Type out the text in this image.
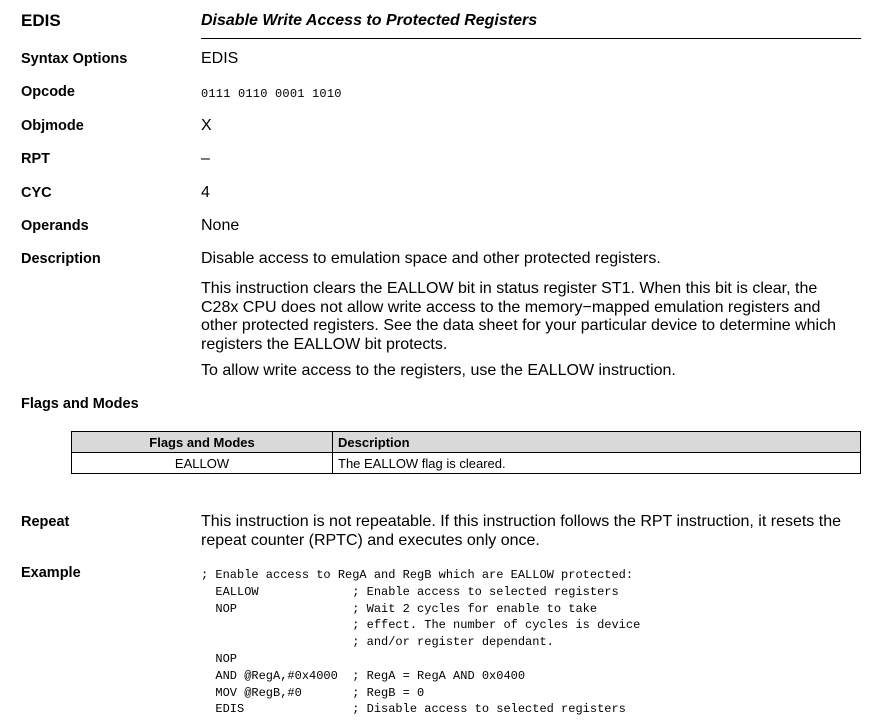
EDIS	Disable Write Access to Protected Registers
Syntax Options	EDIS
Opcode	0111 0110 0001 1010
Objmode	X
RPT	–
CYC	4
Operands	None
Description	Disable access to emulation space and other protected registers.
This instruction clears the EALLOW bit in status register ST1. When this bit is clear, the C28x CPU does not allow write access to the memory−mapped emulation registers and other protected registers. See the data sheet for your particular device to determine which registers the EALLOW bit protects.
To allow write access to the registers, use the EALLOW instruction.
Flags and Modes
Flags and Modes	Description
EALLOW	The EALLOW flag is cleared.
Repeat	This instruction is not repeatable. If this instruction follows the RPT instruction, it resets the repeat counter (RPTC) and executes only once.
Example	; Enable access to RegA and RegB which are EALLOW protected:
EALLOW             ; Enable access to selected registers
NOP                ; Wait 2 cycles for enable to take
; effect. The number of cycles is device
; and/or register dependant.
NOP
AND @RegA,#0x4000  ; RegA = RegA AND 0x0400
MOV @RegB,#0       ; RegB = 0
EDIS               ; Disable access to selected registers
